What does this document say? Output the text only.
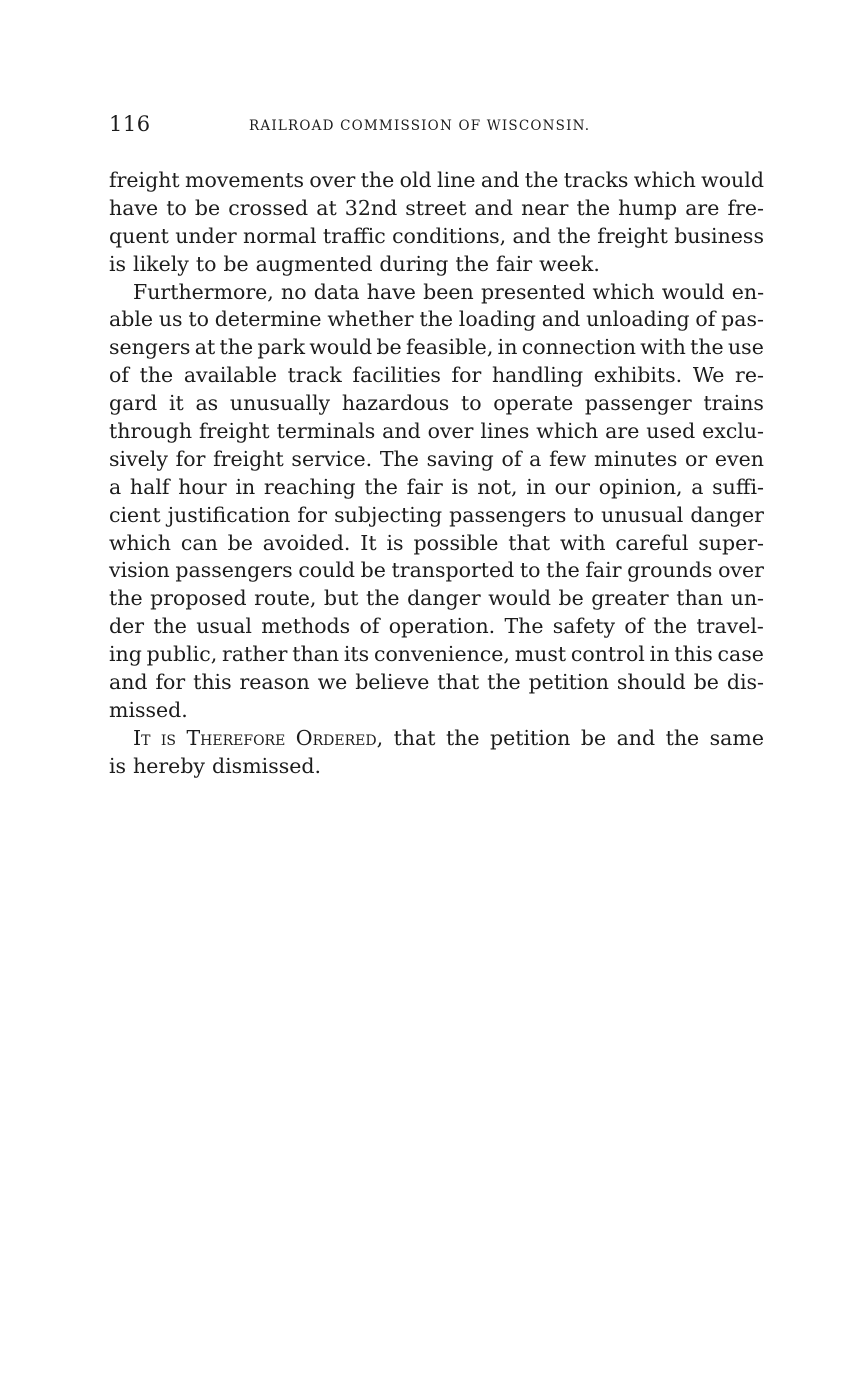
116	RAILROAD COMMISSION OF WISCONSIN.
freight movements over the old line and the tracks which would
have to be crossed at 32nd street and near the hump are fre-
quent under normal traffic conditions, and the freight business
is likely to be augmented during the fair week.
Furthermore, no data have been presented which would en-
able us to determine whether the loading and unloading of pas-
sengers at the park would be feasible, in connection with the use
of the available track facilities for handling exhibits. We re-
gard it as unusually hazardous to operate passenger trains
through freight terminals and over lines which are used exclu-
sively for freight service. The saving of a few minutes or even
a half hour in reaching the fair is not, in our opinion, a suffi-
cient justification for subjecting passengers to unusual danger
which can be avoided. It is possible that with careful super-
vision passengers could be transported to the fair grounds over
the proposed route, but the danger would be greater than un-
der the usual methods of operation. The safety of the travel-
ing public, rather than its convenience, must control in this case
and for this reason we believe that the petition should be dis-
missed.
It is Therefore Ordered, that the petition be and the same
is hereby dismissed.
